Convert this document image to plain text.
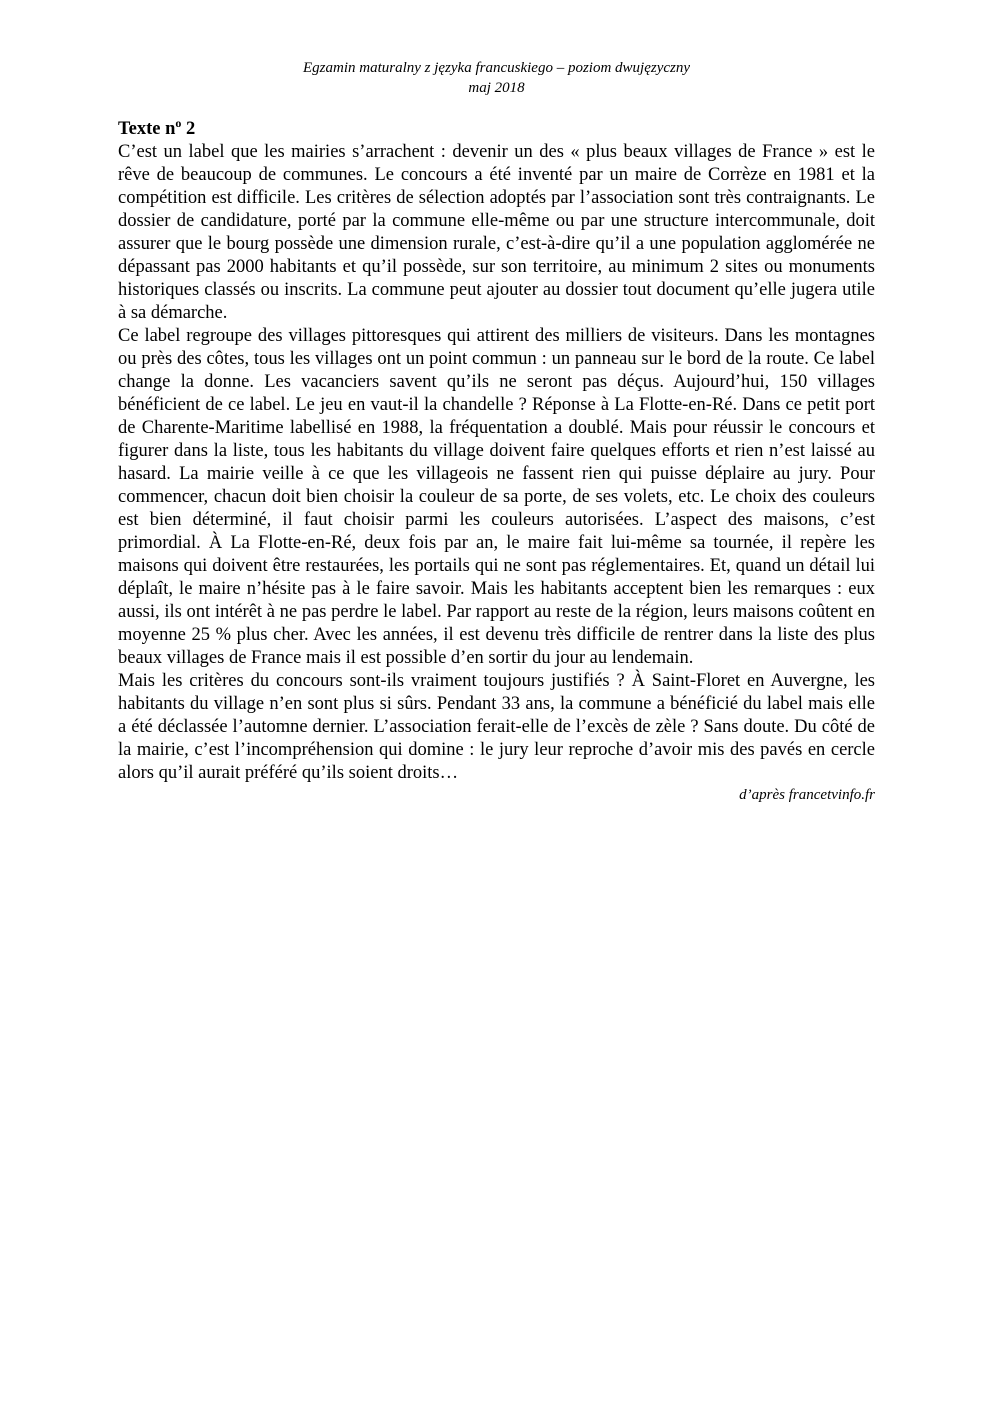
Egzamin maturalny z języka francuskiego – poziom dwujęzyczny
maj 2018
Texte $n^o$ 2

C’est un label que les mairies s’arrachent : devenir un des « plus beaux villages de France » est le rêve de beaucoup de communes. Le concours a été inventé par un maire de Corrèze en 1981 et la compétition est difficile. Les critères de sélection adoptés par l’association sont très contraignants. Le dossier de candidature, porté par la commune elle-même ou par une structure intercommunale, doit assurer que le bourg possède une dimension rurale, c’est-à-dire qu’il a une population agglomérée ne dépassant pas 2000 habitants et qu’il possède, sur son territoire, au minimum 2 sites ou monuments historiques classés ou inscrits. La commune peut ajouter au dossier tout document qu’elle jugera utile à sa démarche.

Ce label regroupe des villages pittoresques qui attirent des milliers de visiteurs. Dans les montagnes ou près des côtes, tous les villages ont un point commun : un panneau sur le bord de la route. Ce label change la donne. Les vacanciers savent qu’ils ne seront pas déçus. Aujourd’hui, 150 villages bénéficient de ce label. Le jeu en vaut-il la chandelle ? Réponse à La Flotte-en-Ré. Dans ce petit port de Charente-Maritime labellisé en 1988, la fréquentation a doublé. Mais pour réussir le concours et figurer dans la liste, tous les habitants du village doivent faire quelques efforts et rien n’est laissé au hasard. La mairie veille à ce que les villageois ne fassent rien qui puisse déplaire au jury. Pour commencer, chacun doit bien choisir la couleur de sa porte, de ses volets, etc. Le choix des couleurs est bien déterminé, il faut choisir parmi les couleurs autorisées. L’aspect des maisons, c’est primordial. À La Flotte-en-Ré, deux fois par an, le maire fait lui-même sa tournée, il repère les maisons qui doivent être restaurées, les portails qui ne sont pas réglementaires. Et, quand un détail lui déplaît, le maire n’hésite pas à le faire savoir. Mais les habitants acceptent bien les remarques : eux aussi, ils ont intérêt à ne pas perdre le label. Par rapport au reste de la région, leurs maisons coûtent en moyenne 25 % plus cher. Avec les années, il est devenu très difficile de rentrer dans la liste des plus beaux villages de France mais il est possible d’en sortir du jour au lendemain.

Mais les critères du concours sont-ils vraiment toujours justifiés ? À Saint-Floret en Auvergne, les habitants du village n’en sont plus si sûrs. Pendant 33 ans, la commune a bénéficié du label mais elle a été déclassée l’automne dernier. L’association ferait-elle de l’excès de zèle ? Sans doute. Du côté de la mairie, c’est l’incompréhension qui domine : le jury leur reproche d’avoir mis des pavés en cercle alors qu’il aurait préféré qu’ils soient droits…

d’après francetvinfo.fr
